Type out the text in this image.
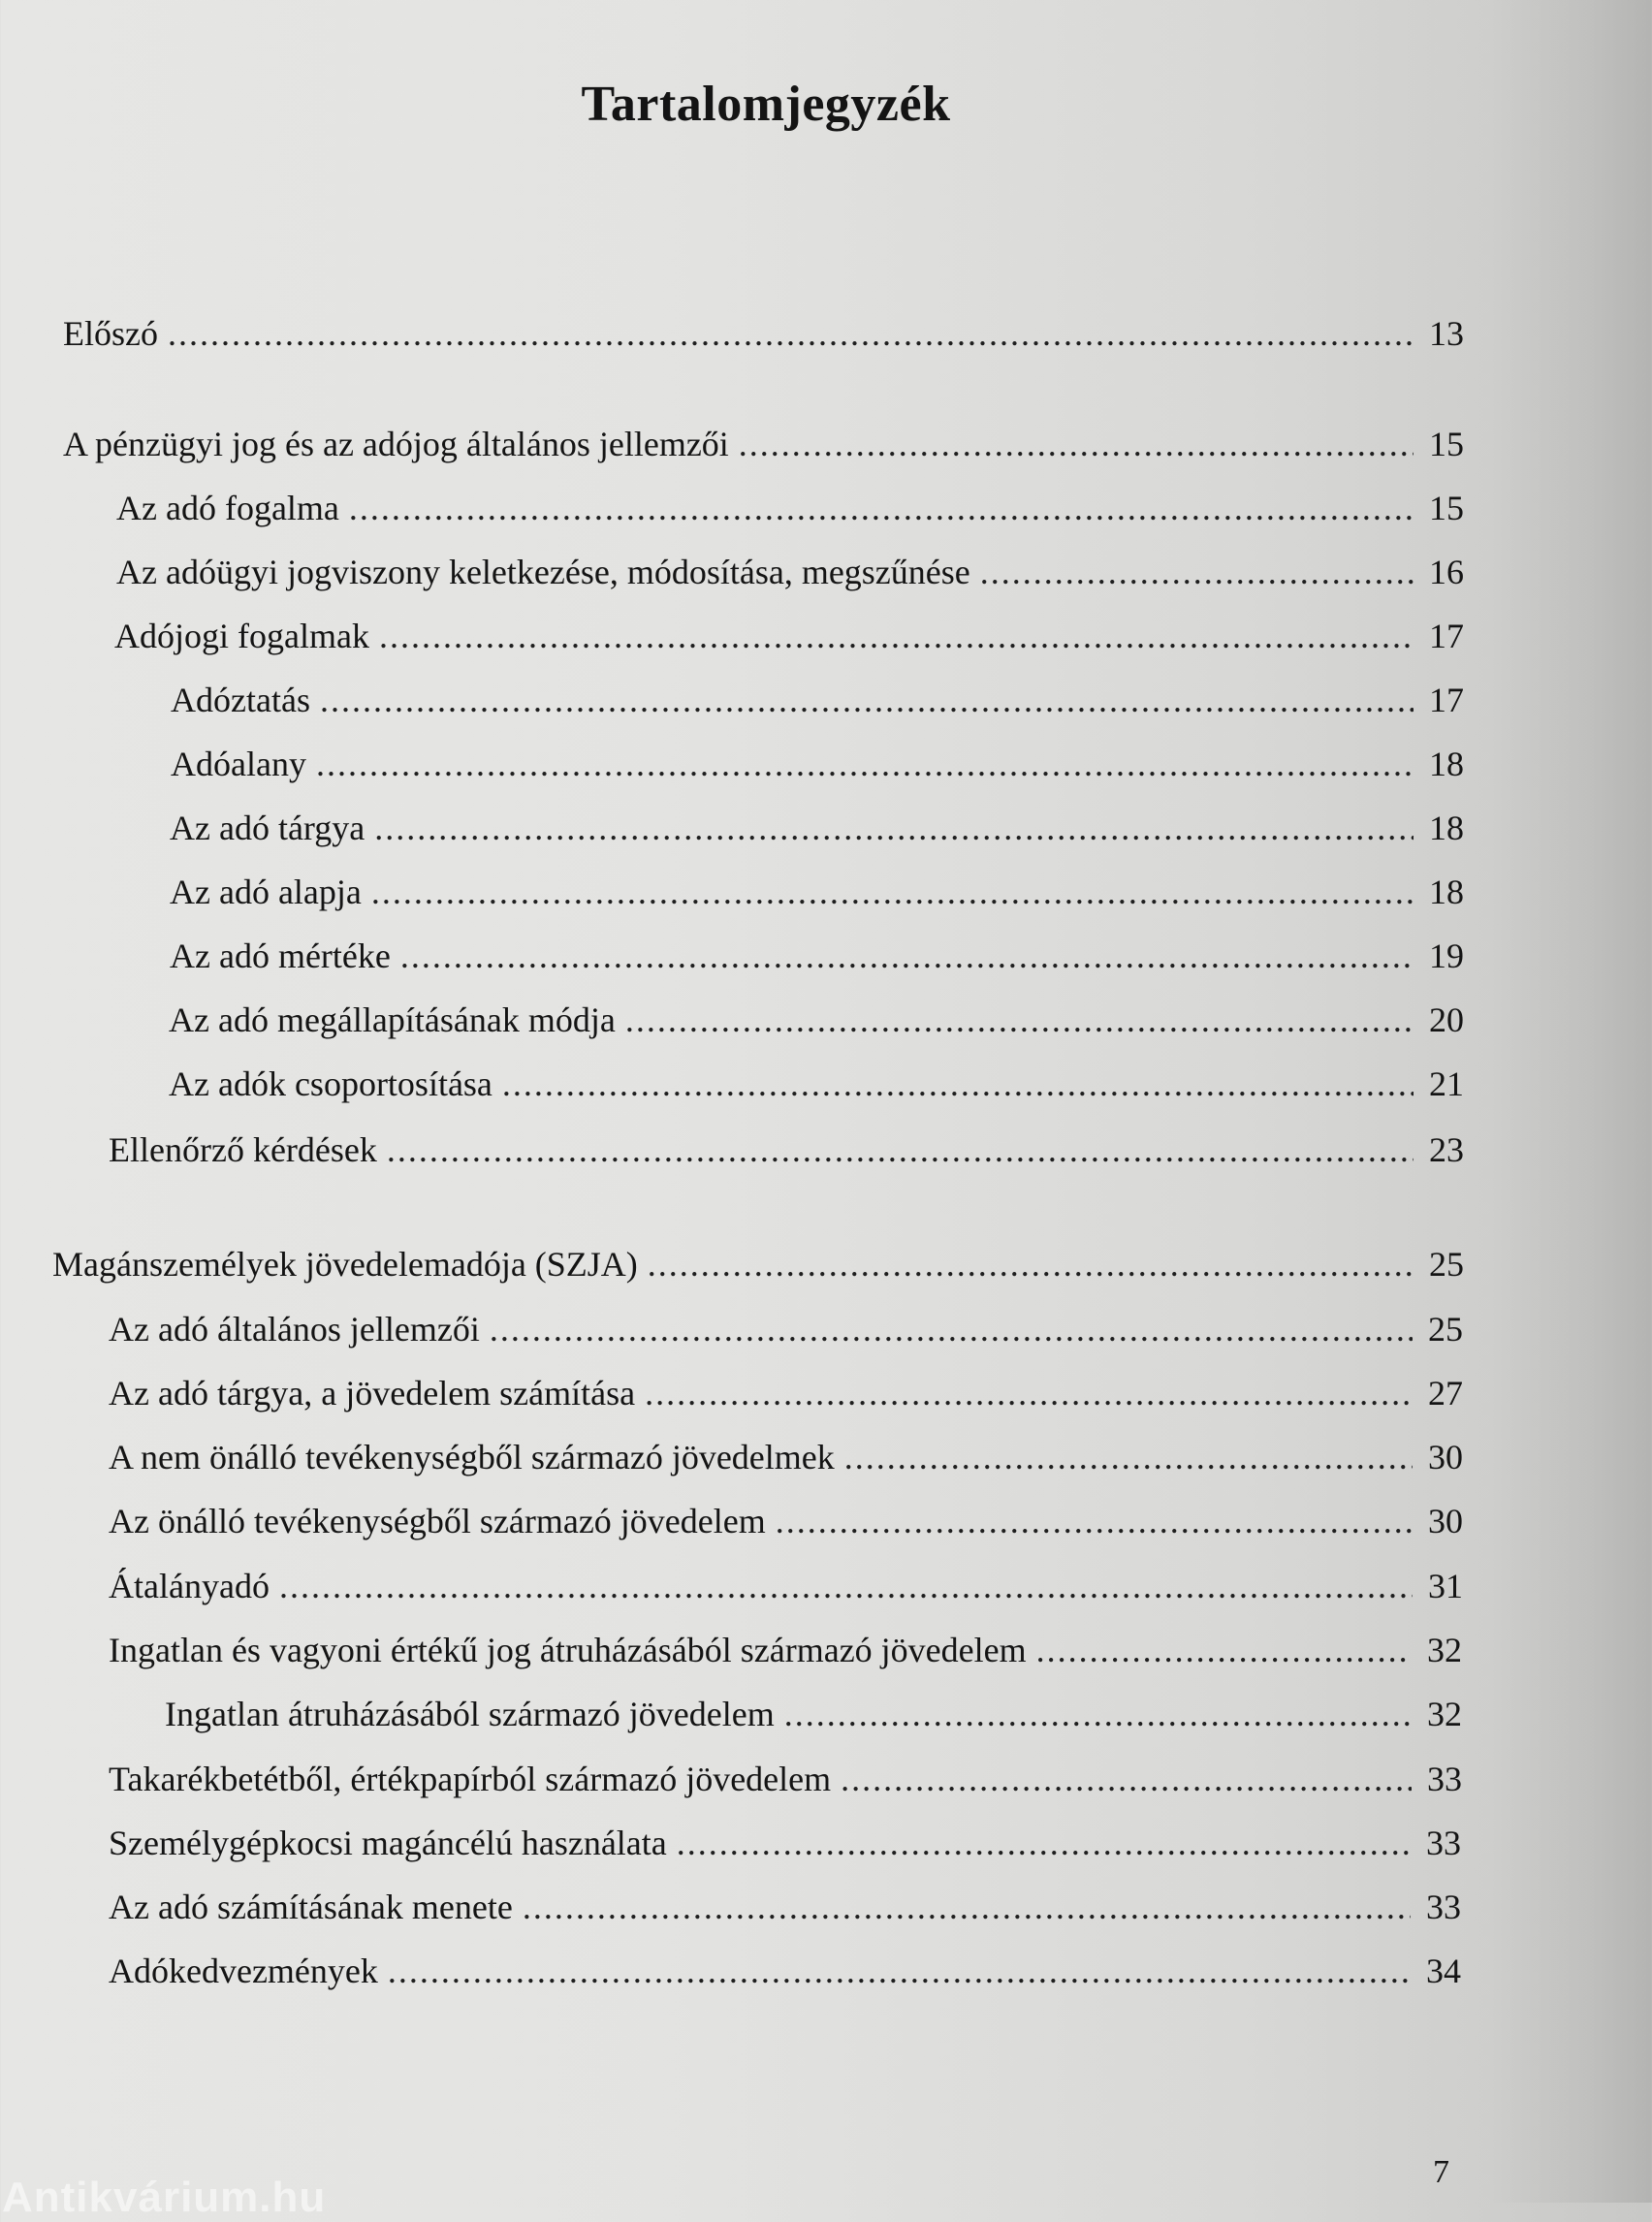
Tartalomjegyzék
Előszó .....	13
A pénzügyi jog és az adójog általános jellemzői .....	15
Az adó fogalma .....	15
Az adóügyi jogviszony keletkezése, módosítása, megszűnése .....	16
Adójogi fogalmak .....	17
Adóztatás .....	17
Adóalany .....	18
Az adó tárgya .....	18
Az adó alapja .....	18
Az adó mértéke .....	19
Az adó megállapításának módja .....	20
Az adók csoportosítása .....	21
Ellenőrző kérdések .....	23
Magánszemélyek jövedelemadója (SZJA) .....	25
Az adó általános jellemzői .....	25
Az adó tárgya, a jövedelem számítása .....	27
A nem önálló tevékenységből származó jövedelmek .....	30
Az önálló tevékenységből származó jövedelem .....	30
Átalányadó .....	31
Ingatlan és vagyoni értékű jog átruházásából származó jövedelem .....	32
Ingatlan átruházásából származó jövedelem .....	32
Takarékbetétből, értékpapírból származó jövedelem .....	33
Személygépkocsi magáncélú használata .....	33
Az adó számításának menete .....	33
Adókedvezmények .....	34
7
Antikvárium.hu
